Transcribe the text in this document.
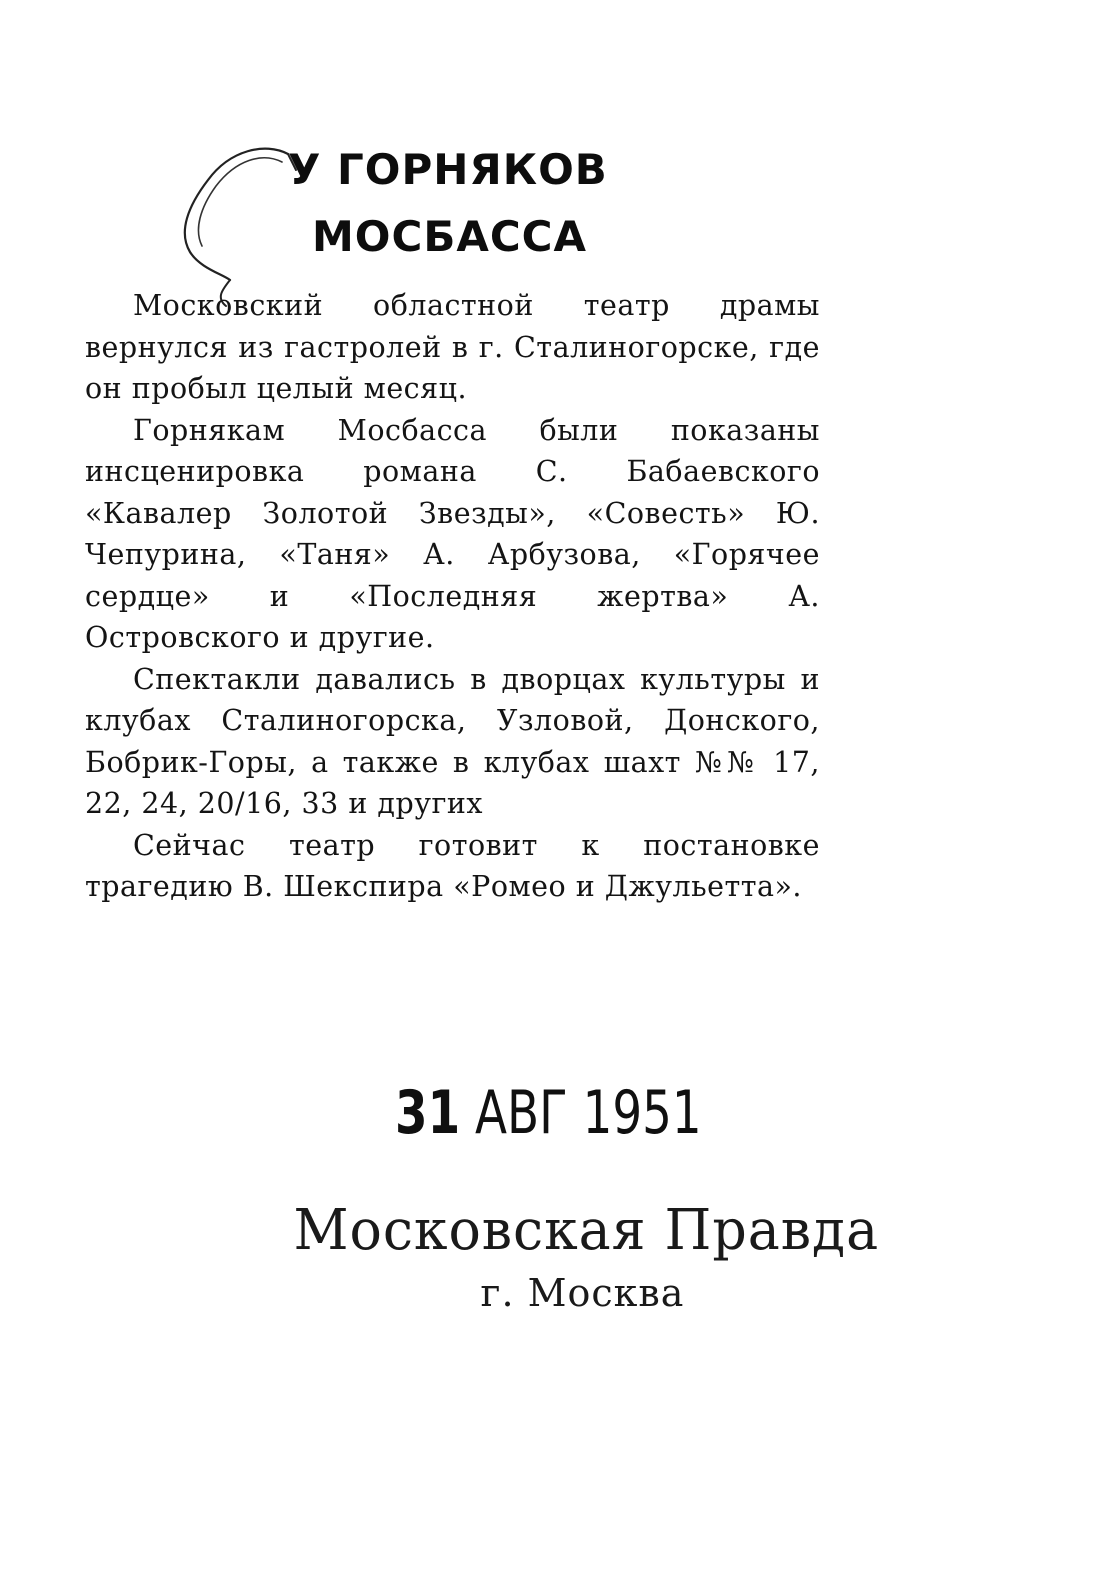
У ГОРНЯКОВ
МОСБАССА

Московский областной театр драмы вернулся из гастролей в г. Сталиногорске, где он пробыл целый месяц.

Горнякам Мосбасса были показаны инсценировка романа С. Бабаевского «Кавалер Золотой Звезды», «Совесть» Ю. Чепурина, «Таня» А. Арбузова, «Горячее сердце» и «Последняя жертва» А. Островского и другие.

Спектакли давались в дворцах культуры и клубах Сталиногорска, Узловой, Донского, Бобрик-Горы, а также в клубах шахт №№ 17, 22, 24, 20/16, 33 и других

Сейчас театр готовит к постановке трагедию В. Шекспира «Ромео и Джульетта».

31 АВГ 1951
Московская Правда
г. Москва
